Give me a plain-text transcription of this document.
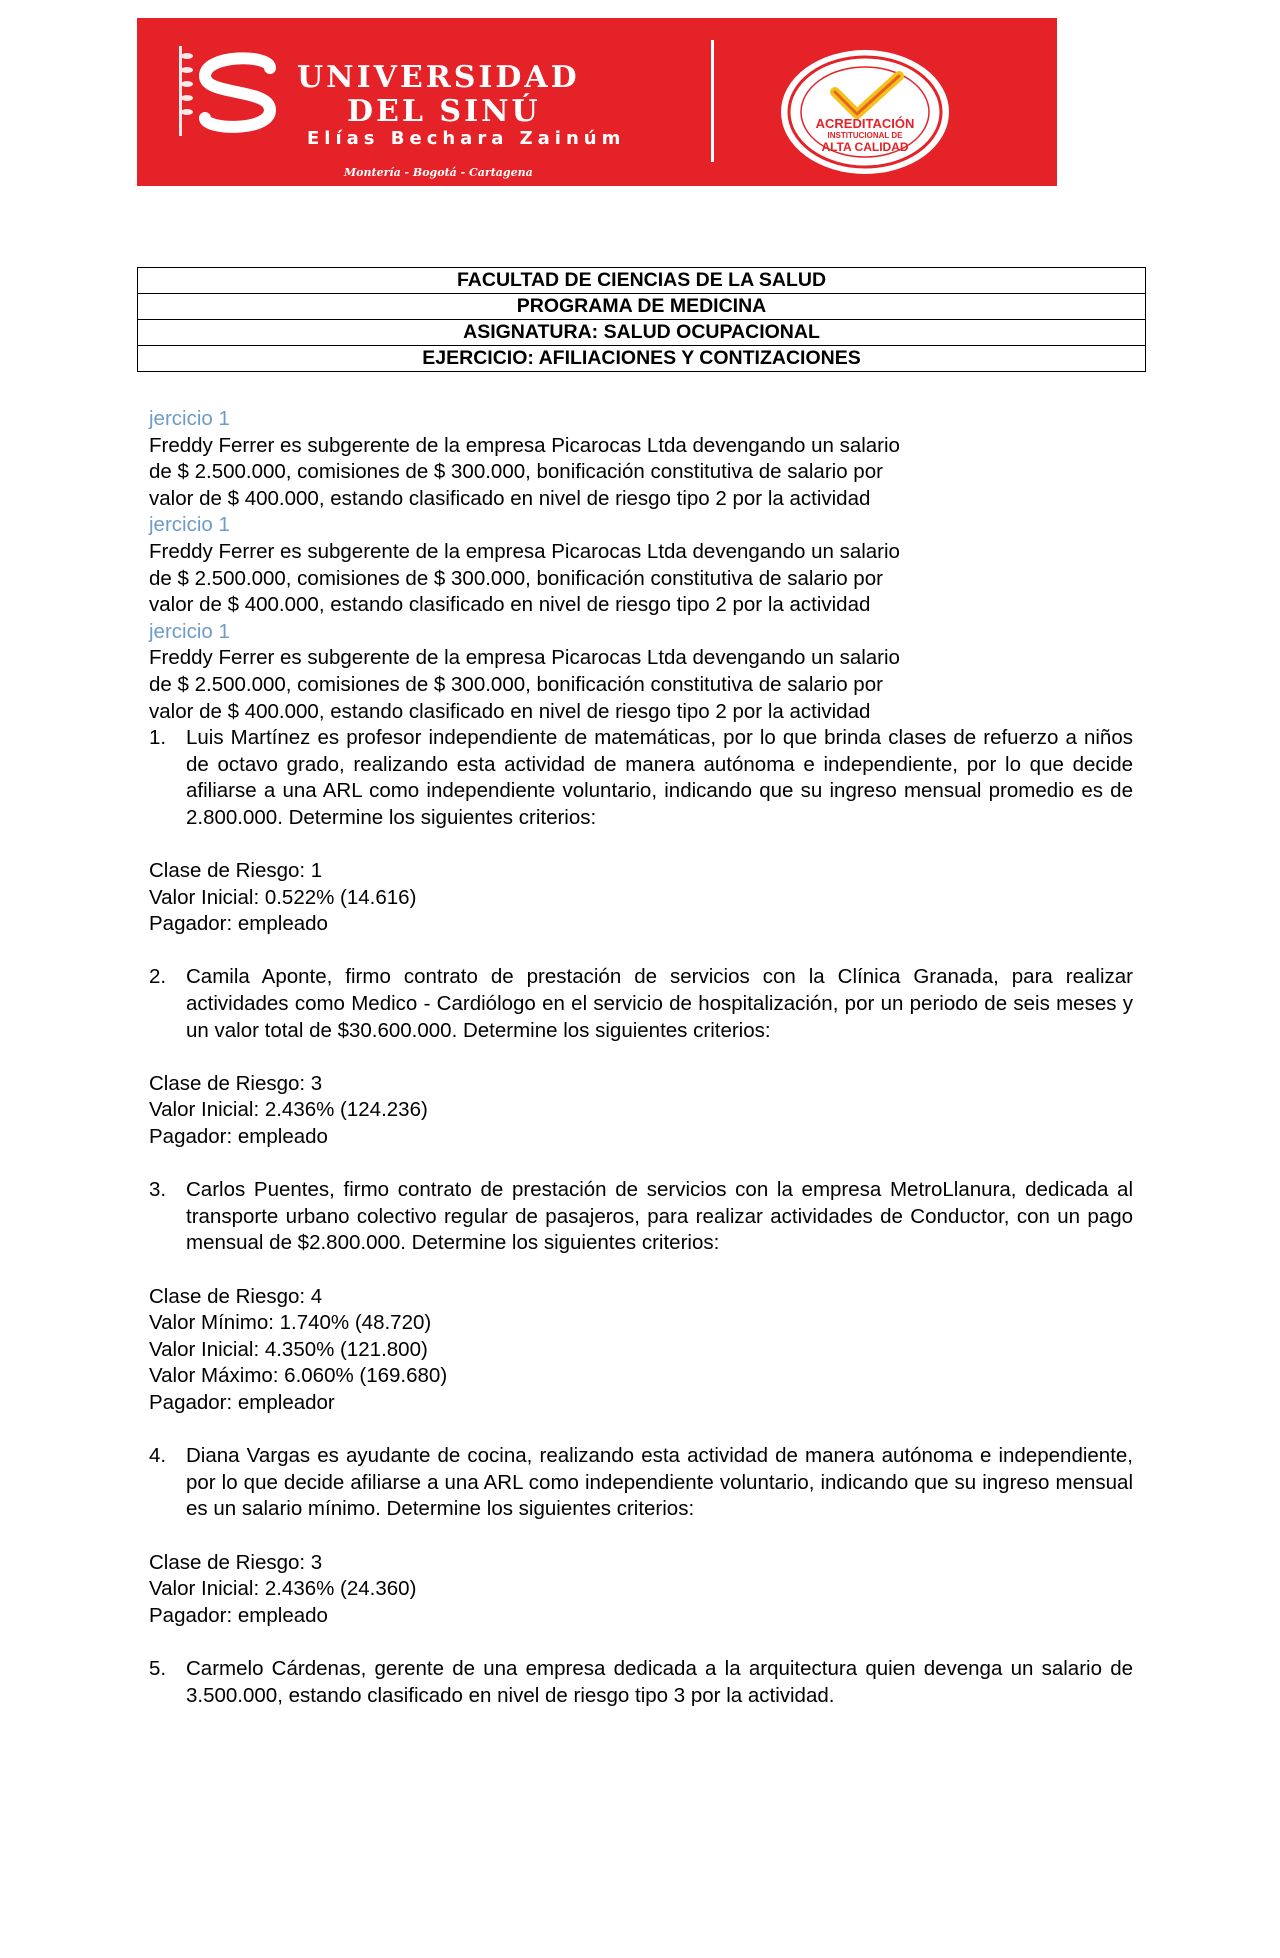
UNIVERSIDAD
DEL SINÚ
Elías Bechara Zainúm
Montería - Bogotá - Cartagena
ACREDITACIÓN
INSTITUCIONAL DE
ALTA CALIDAD
FACULTAD DE CIENCIAS DE LA SALUD
PROGRAMA DE MEDICINA
ASIGNATURA: SALUD OCUPACIONAL
EJERCICIO: AFILIACIONES Y CONTIZACIONES

jercicio 1

Freddy Ferrer es subgerente de la empresa Picarocas Ltda devengando un salario

de $ 2.500.000, comisiones de $ 300.000, bonificación constitutiva de salario por

valor de $ 400.000, estando clasificado en nivel de riesgo tipo 2 por la actividad

jercicio 1

Freddy Ferrer es subgerente de la empresa Picarocas Ltda devengando un salario

de $ 2.500.000, comisiones de $ 300.000, bonificación constitutiva de salario por

valor de $ 400.000, estando clasificado en nivel de riesgo tipo 2 por la actividad

jercicio 1

Freddy Ferrer es subgerente de la empresa Picarocas Ltda devengando un salario

de $ 2.500.000, comisiones de $ 300.000, bonificación constitutiva de salario por

valor de $ 400.000, estando clasificado en nivel de riesgo tipo 2 por la actividad

1. Luis Martínez es profesor independiente de matemáticas, por lo que brinda clases de refuerzo a niños de octavo grado, realizando esta actividad de manera autónoma e independiente, por lo que decide afiliarse a una ARL como independiente voluntario, indicando que su ingreso mensual promedio es de 2.800.000. Determine los siguientes criterios:

Clase de Riesgo: 1

Valor Inicial: 0.522% (14.616)

Pagador: empleado

2. Camila Aponte, firmo contrato de prestación de servicios con la Clínica Granada, para realizar actividades como Medico - Cardiólogo en el servicio de hospitalización, por un periodo de seis meses y un valor total de $30.600.000. Determine los siguientes criterios:

Clase de Riesgo: 3

Valor Inicial: 2.436% (124.236)

Pagador: empleado

3. Carlos Puentes, firmo contrato de prestación de servicios con la empresa MetroLlanura, dedicada al transporte urbano colectivo regular de pasajeros, para realizar actividades de Conductor, con un pago mensual de $2.800.000. Determine los siguientes criterios:

Clase de Riesgo: 4

Valor Mínimo: 1.740% (48.720)

Valor Inicial: 4.350% (121.800)

Valor Máximo: 6.060% (169.680)

Pagador: empleador

4. Diana Vargas es ayudante de cocina, realizando esta actividad de manera autónoma e independiente, por lo que decide afiliarse a una ARL como independiente voluntario, indicando que su ingreso mensual es un salario mínimo. Determine los siguientes criterios:

Clase de Riesgo: 3

Valor Inicial: 2.436% (24.360)

Pagador: empleado

5. Carmelo Cárdenas, gerente de una empresa dedicada a la arquitectura quien devenga un salario de 3.500.000, estando clasificado en nivel de riesgo tipo 3 por la actividad.
